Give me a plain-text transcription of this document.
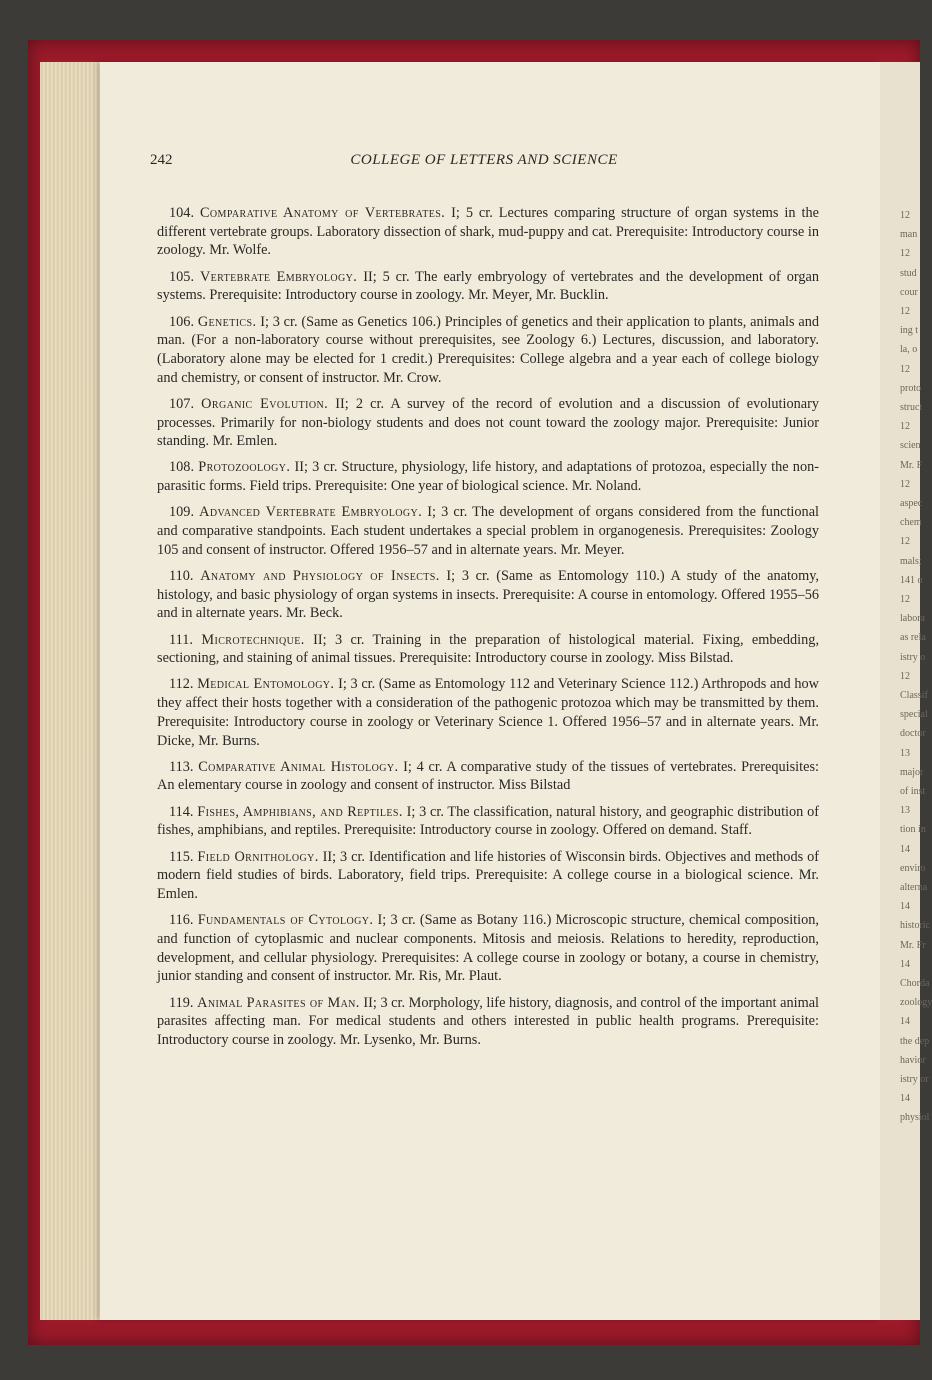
12
man
12
stud
cour
12
ing t
la, o
12
proto
struct
12
scien
Mr. F
12
aspec
chem
12
mals;
141 o
12
labora
as rela
istry o
12
Classif
special
doctor
13
major
of inst
13
tion in
14
enviro
alterna
14
historic
Mr. Fr
14
Chorda
zoology
14
the dep
havior
istry or
14
physiol
242	COLLEGE OF LETTERS AND SCIENCE

104. Comparative Anatomy of Vertebrates. I; 5 cr. Lectures comparing structure of organ systems in the different vertebrate groups. Laboratory dissection of shark, mud-puppy and cat. Prerequisite: Introductory course in zoology. Mr. Wolfe.

105. Vertebrate Embryology. II; 5 cr. The early embryology of vertebrates and the development of organ systems. Prerequisite: Introductory course in zoology. Mr. Meyer, Mr. Bucklin.

106. Genetics. I; 3 cr. (Same as Genetics 106.) Principles of genetics and their application to plants, animals and man. (For a non-laboratory course without prerequisites, see Zoology 6.) Lectures, discussion, and laboratory. (Laboratory alone may be elected for 1 credit.) Prerequisites: College algebra and a year each of college biology and chemistry, or consent of instructor. Mr. Crow.

107. Organic Evolution. II; 2 cr. A survey of the record of evolution and a discussion of evolutionary processes. Primarily for non-biology students and does not count toward the zoology major. Prerequisite: Junior standing. Mr. Emlen.

108. Protozoology. II; 3 cr. Structure, physiology, life history, and adaptations of protozoa, especially the non-parasitic forms. Field trips. Prerequisite: One year of biological science. Mr. Noland.

109. Advanced Vertebrate Embryology. I; 3 cr. The development of organs considered from the functional and comparative standpoints. Each student undertakes a special problem in organogenesis. Prerequisites: Zoology 105 and consent of instructor. Offered 1956–57 and in alternate years. Mr. Meyer.

110. Anatomy and Physiology of Insects. I; 3 cr. (Same as Entomology 110.) A study of the anatomy, histology, and basic physiology of organ systems in insects. Prerequisite: A course in entomology. Offered 1955–56 and in alternate years. Mr. Beck.

111. Microtechnique. II; 3 cr. Training in the preparation of histological material. Fixing, embedding, sectioning, and staining of animal tissues. Prerequisite: Introductory course in zoology. Miss Bilstad.

112. Medical Entomology. I; 3 cr. (Same as Entomology 112 and Veterinary Science 112.) Arthropods and how they affect their hosts together with a consideration of the pathogenic protozoa which may be transmitted by them. Prerequisite: Introductory course in zoology or Veterinary Science 1. Offered 1956–57 and in alternate years. Mr. Dicke, Mr. Burns.

113. Comparative Animal Histology. I; 4 cr. A comparative study of the tissues of vertebrates. Prerequisites: An elementary course in zoology and consent of instructor. Miss Bilstad

114. Fishes, Amphibians, and Reptiles. I; 3 cr. The classification, natural history, and geographic distribution of fishes, amphibians, and reptiles. Prerequisite: Introductory course in zoology. Offered on demand. Staff.

115. Field Ornithology. II; 3 cr. Identification and life histories of Wisconsin birds. Objectives and methods of modern field studies of birds. Laboratory, field trips. Prerequisite: A college course in a biological science. Mr. Emlen.

116. Fundamentals of Cytology. I; 3 cr. (Same as Botany 116.) Microscopic structure, chemical composition, and function of cytoplasmic and nuclear components. Mitosis and meiosis. Relations to heredity, reproduction, development, and cellular physiology. Prerequisites: A college course in zoology or botany, a course in chemistry, junior standing and consent of instructor. Mr. Ris, Mr. Plaut.

119. Animal Parasites of Man. II; 3 cr. Morphology, life history, diagnosis, and control of the important animal parasites affecting man. For medical students and others interested in public health programs. Prerequisite: Introductory course in zoology. Mr. Lysenko, Mr. Burns.
